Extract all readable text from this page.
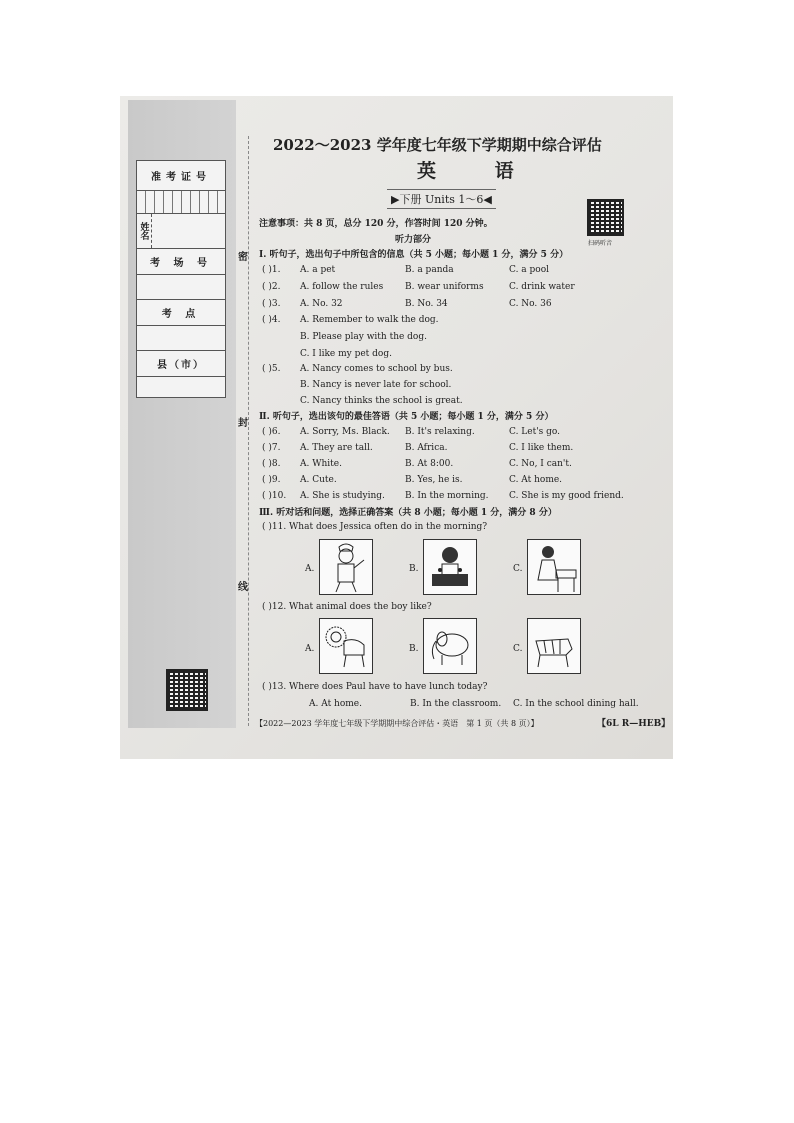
准考证号
姓名
考 场 号
考 点
县（市）
密
封
线
2022～2023 学年度七年级下学期期中综合评估
英 语
▶下册 Units 1～6◀
扫码听音
注意事项：共 8 页，总分 120 分，作答时间 120 分钟。
听力部分
Ⅰ. 听句子，选出句子中所包含的信息（共 5 小题；每小题 1 分，满分 5 分）
( )1. A. a pet	B. a panda	C. a pool
( )2. A. follow the rules B. wear uniforms	C. drink water
( )3. A. No. 32	B. No. 34	C. No. 36
( )4. A. Remember to walk the dog.
B. Please play with the dog.
C. I like my pet dog.
( )5. A. Nancy comes to school by bus.
B. Nancy is never late for school.
C. Nancy thinks the school is great.
Ⅱ. 听句子，选出该句的最佳答语（共 5 小题；每小题 1 分，满分 5 分）
( )6. A. Sorry, Ms. Black. B. It's relaxing.	C. Let's go.
( )7. A. They are tall.	B. Africa.	C. I like them.
( )8. A. White.	B. At 8:00.	C. No, I can't.
( )9. A. Cute.	B. Yes, he is.	C. At home.
( )10. A. She is studying. B. In the morning. C. She is my good friend.
Ⅲ. 听对话和问题，选择正确答案（共 8 小题；每小题 1 分，满分 8 分）
( )11. What does Jessica often do in the morning?
A.	B.	C.
( )12. What animal does the boy like?
A.	B.	C.
( )13. Where does Paul have to have lunch today?
A. At home.	B. In the classroom. C. In the school dining hall.
【2022—2023 学年度七年级下学期期中综合评估・英语　第 1 页（共 8 页）】	【6L R—HEB】
